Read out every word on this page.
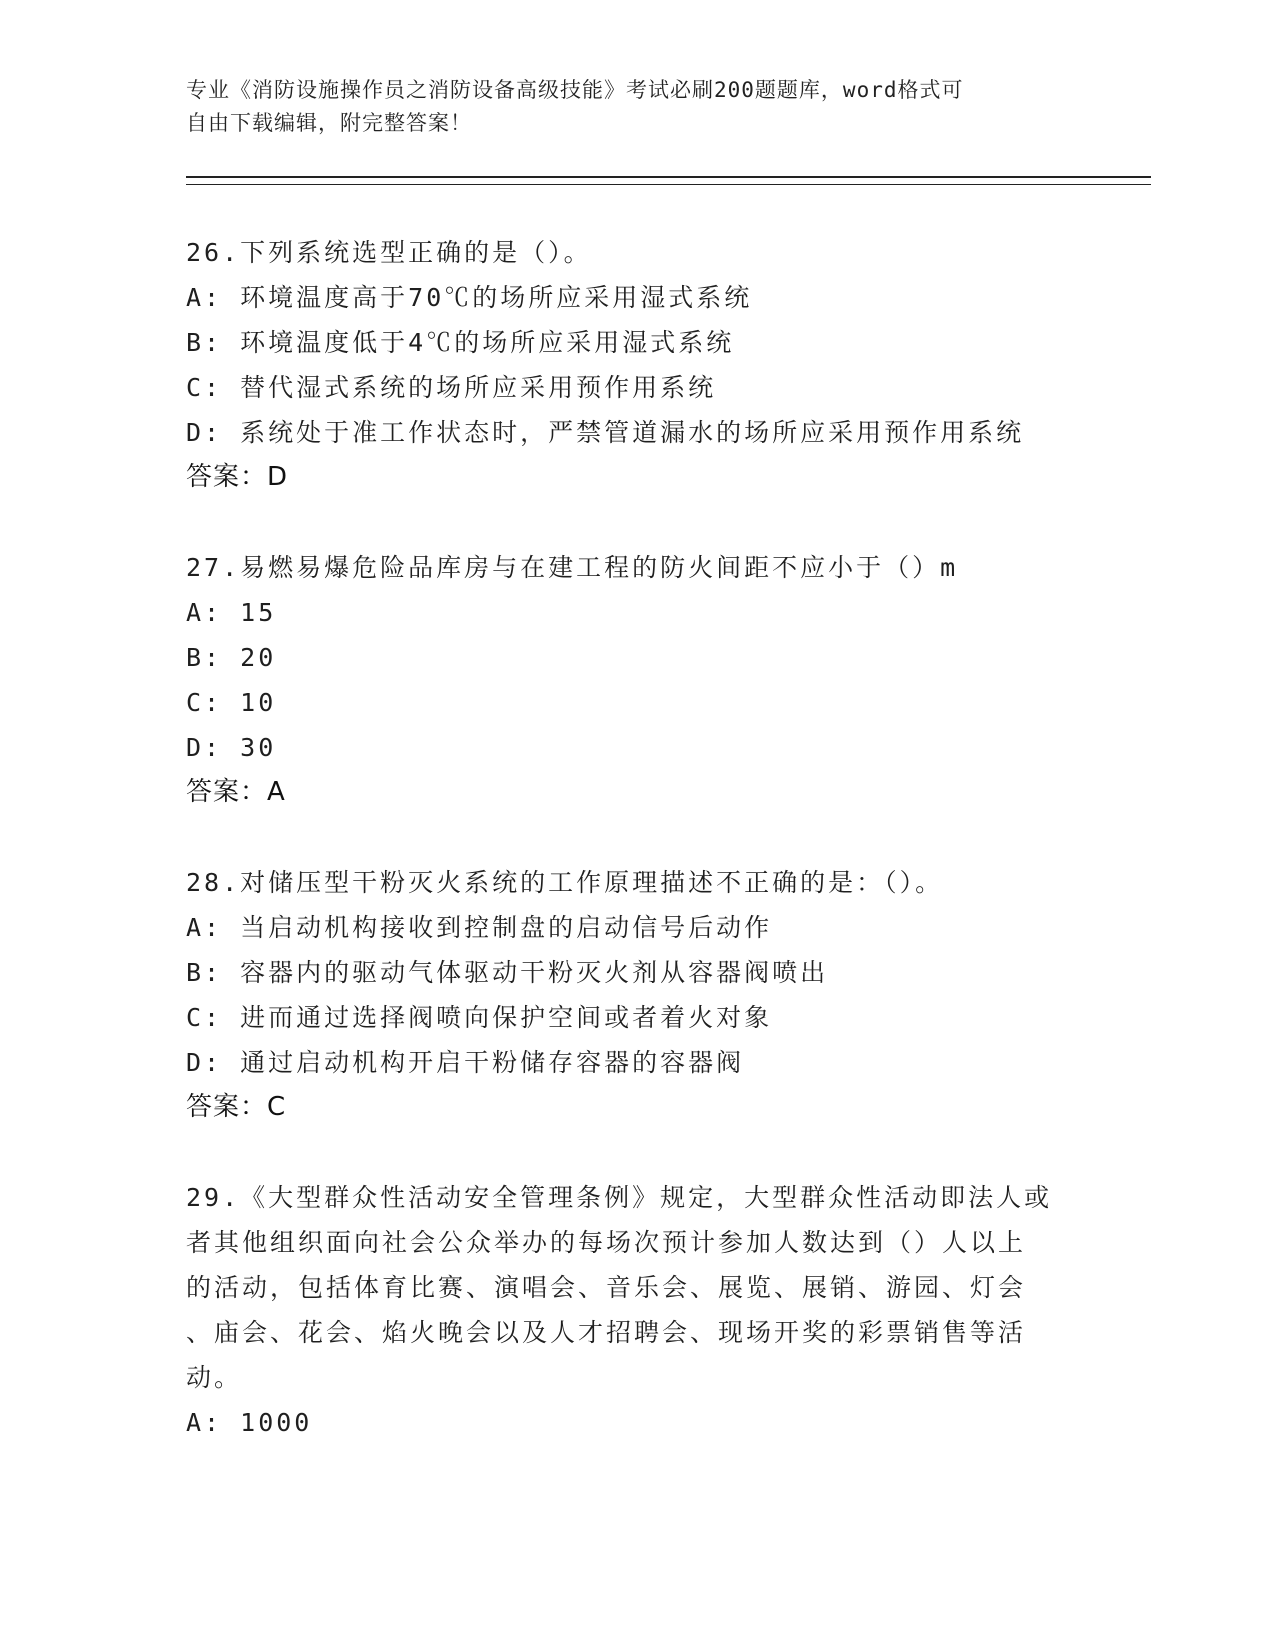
专业《消防设施操作员之消防设备高级技能》考试必刷200题题库，word格式可
自由下载编辑，附完整答案！
26.下列系统选型正确的是（）。
A: 环境温度高于70℃的场所应采用湿式系统
B: 环境温度低于4℃的场所应采用湿式系统
C: 替代湿式系统的场所应采用预作用系统
D: 系统处于准工作状态时，严禁管道漏水的场所应采用预作用系统
答案：D
27.易燃易爆危险品库房与在建工程的防火间距不应小于（）m
A: 15
B: 20
C: 10
D: 30
答案：A
28.对储压型干粉灭火系统的工作原理描述不正确的是：（）。
A: 当启动机构接收到控制盘的启动信号后动作
B: 容器内的驱动气体驱动干粉灭火剂从容器阀喷出
C: 进而通过选择阀喷向保护空间或者着火对象
D: 通过启动机构开启干粉储存容器的容器阀
答案：C
29.《大型群众性活动安全管理条例》规定，大型群众性活动即法人或
者其他组织面向社会公众举办的每场次预计参加人数达到（）人以上
的活动，包括体育比赛、演唱会、音乐会、展览、展销、游园、灯会
、庙会、花会、焰火晚会以及人才招聘会、现场开奖的彩票销售等活
动。
A: 1000
